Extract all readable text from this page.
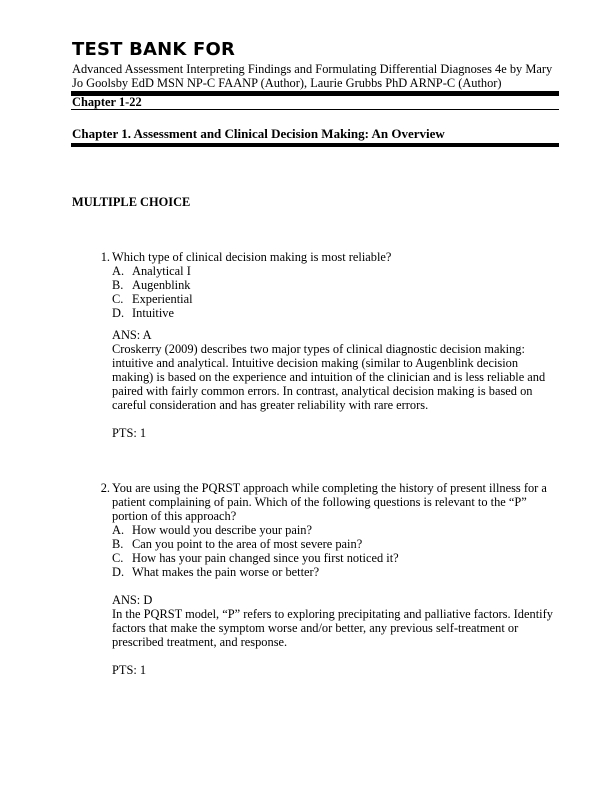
TEST BANK FOR
Advanced Assessment Interpreting Findings and Formulating Differential Diagnoses 4e by Mary Jo Goolsby EdD MSN NP-C FAANP (Author), Laurie Grubbs PhD ARNP-C (Author)
Chapter 1-22
Chapter 1. Assessment and Clinical Decision Making: An Overview
MULTIPLE CHOICE
1. Which type of clinical decision making is most reliable?
A. Analytical I
B. Augenblink
C. Experiential
D. Intuitive
ANS: A
Croskerry (2009) describes two major types of clinical diagnostic decision making: intuitive and analytical. Intuitive decision making (similar to Augenblink decision making) is based on the experience and intuition of the clinician and is less reliable and paired with fairly common errors. In contrast, analytical decision making is based on careful consideration and has greater reliability with rare errors.
PTS: 1
2. You are using the PQRST approach while completing the history of present illness for a patient complaining of pain. Which of the following questions is relevant to the “P” portion of this approach?
A. How would you describe your pain?
B. Can you point to the area of most severe pain?
C. How has your pain changed since you first noticed it?
D. What makes the pain worse or better?
ANS: D
In the PQRST model, “P” refers to exploring precipitating and palliative factors. Identify factors that make the symptom worse and/or better, any previous self-treatment or prescribed treatment, and response.
PTS: 1
